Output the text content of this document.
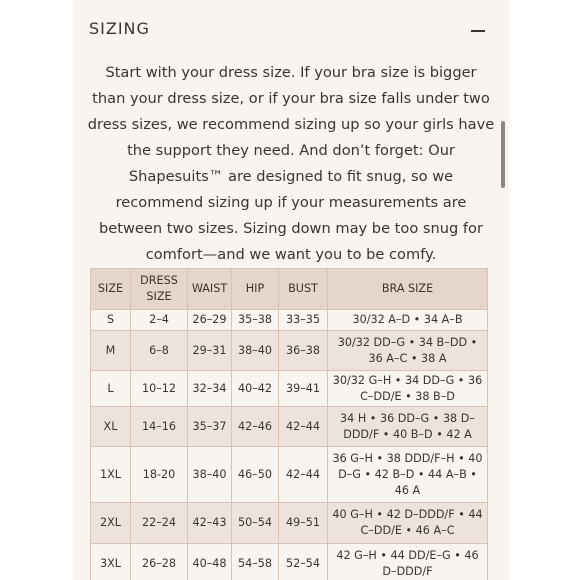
SIZING

Start with your dress size. If your bra size is bigger than your dress size, or if your bra size falls under two dress sizes, we recommend sizing up so your girls have the support they need. And don’t forget: Our Shapesuits™ are designed to fit snug, so we recommend sizing up if your measurements are between two sizes. Sizing down may be too snug for comfort—and we want you to be comfy.

SIZE	DRESS SIZE	WAIST	HIP	BUST	BRA SIZE
S	2–4	26–29	35–38	33–35	30/32 A–D • 34 A–B
M	6–8	29–31	38–40	36–38	30/32 DD–G • 34 B–DD • 36 A–C • 38 A
L	10–12	32–34	40–42	39–41	30/32 G–H • 34 DD–G • 36 C–DD/E • 38 B–D
XL	14–16	35–37	42–46	42–44	34 H • 36 DD–G • 38 D–DDD/F • 40 B–D • 42 A
1XL	18-20	38–40	46–50	42–44	36 G–H • 38 DDD/F–H • 40 D–G • 42 B–D • 44 A–B • 46 A
2XL	22–24	42–43	50–54	49–51	40 G–H • 42 D–DDD/F • 44 C–DD/E • 46 A–C
3XL	26–28	40–48	54–58	52–54	42 G–H • 44 DD/E–G • 46 D–DDD/F
